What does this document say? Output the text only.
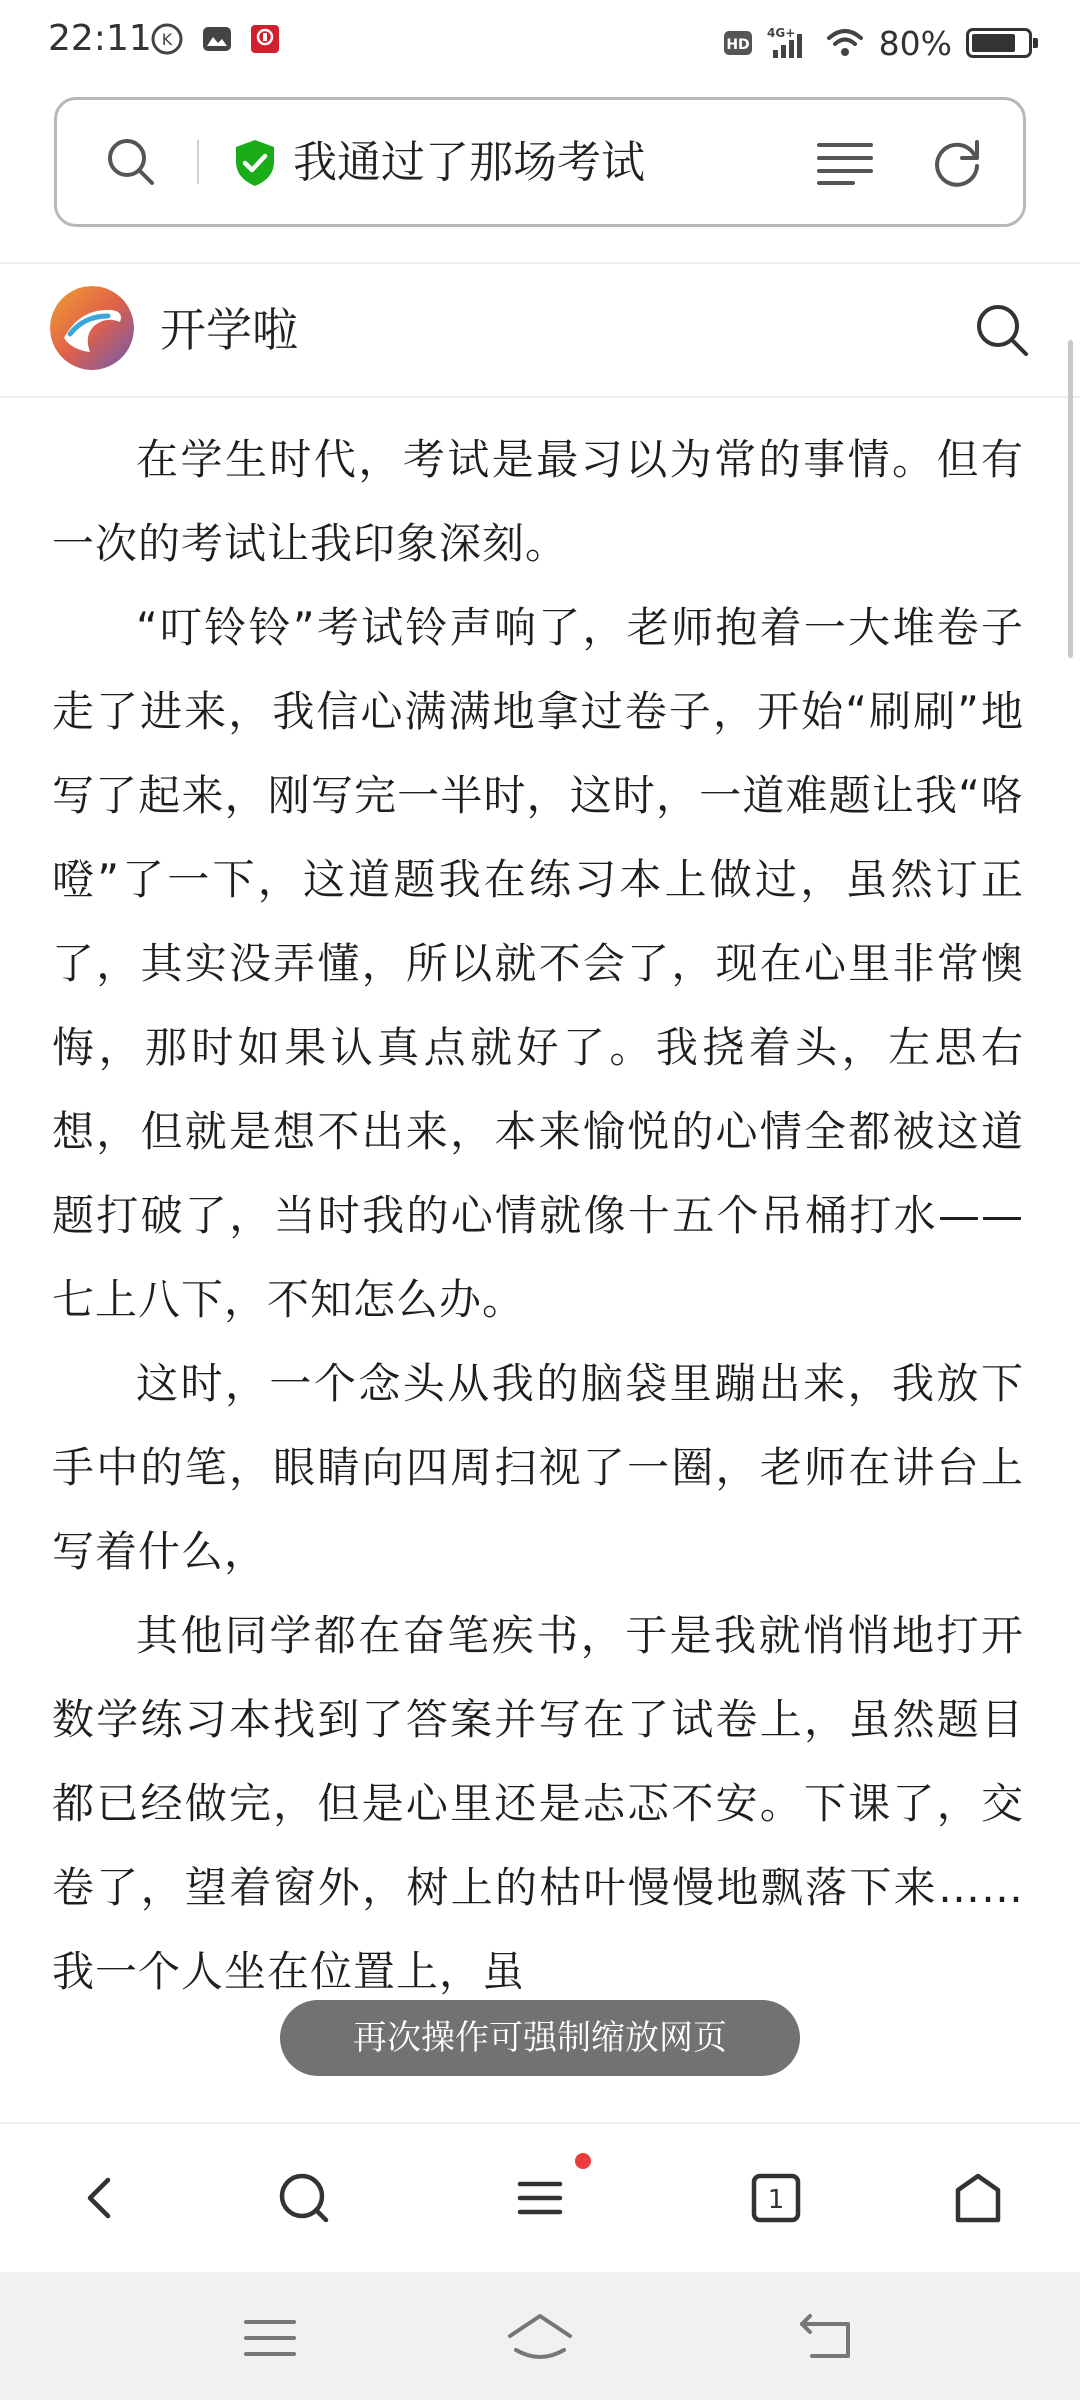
22:11 K	HD
4G+	80%
我通过了那场考试
开学啦

在学生时代，考试是最习以为常的事情。但有一次的考试让我印象深刻。

“叮铃铃”考试铃声响了，老师抱着一大堆卷子走了进来，我信心满满地拿过卷子，开始“刷刷”地写了起来，刚写完一半时，这时，一道难题让我“咯噔”了一下，这道题我在练习本上做过，虽然订正了，其实没弄懂，所以就不会了，现在心里非常懊悔，那时如果认真点就好了。我挠着头，左思右想，但就是想不出来，本来愉悦的心情全都被这道题打破了，当时我的心情就像十五个吊桶打水——七上八下，不知怎么办。

这时，一个念头从我的脑袋里蹦出来，我放下手中的笔，眼睛向四周扫视了一圈，老师在讲台上写着什么，

其他同学都在奋笔疾书，于是我就悄悄地打开数学练习本找到了答案并写在了试卷上，虽然题目都已经做完，但是心里还是忐忑不安。下课了，交卷了，望着窗外，树上的枯叶慢慢地飘落下来……我一个人坐在位置上，虽

再次操作可强制缩放网页
1
